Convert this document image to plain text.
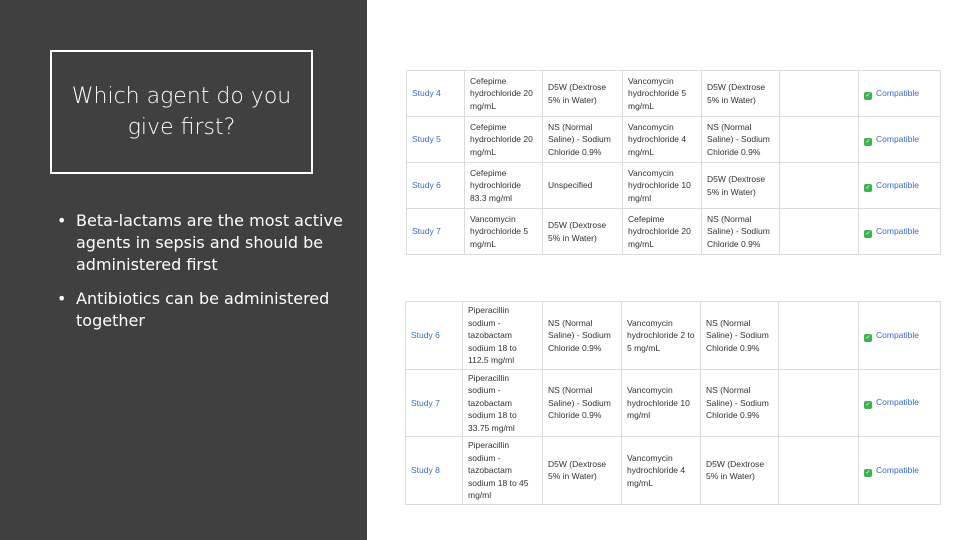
Which agent do you give first?
• Beta-lactams are the most active agents in sepsis and should be administered first
• Antibiotics can be administered together
Study 4	Cefepime hydrochloride 20 mg/mL	D5W (Dextrose 5% in Water)	Vancomycin hydrochloride 5 mg/mL	D5W (Dextrose 5% in Water)		✓ Compatible
Study 5	Cefepime hydrochloride 20 mg/mL	NS (Normal Saline) - Sodium Chloride 0.9%	Vancomycin hydrochloride 4 mg/mL	NS (Normal Saline) - Sodium Chloride 0.9%		✓ Compatible
Study 6	Cefepime hydrochloride 83.3 mg/ml	Unspecified	Vancomycin hydrochloride 10 mg/ml	D5W (Dextrose 5% in Water)		✓ Compatible
Study 7	Vancomycin hydrochloride 5 mg/mL	D5W (Dextrose 5% in Water)	Cefepime hydrochloride 20 mg/mL	NS (Normal Saline) - Sodium Chloride 0.9%		✓ Compatible
Study 6	Piperacillin sodium -tazobactam sodium 18 to 112.5 mg/ml	NS (Normal Saline) - Sodium Chloride 0.9%	Vancomycin hydrochloride 2 to 5 mg/mL	NS (Normal Saline) - Sodium Chloride 0.9%		✓ Compatible
Study 7	Piperacillin sodium -tazobactam sodium 18 to 33.75 mg/ml	NS (Normal Saline) - Sodium Chloride 0.9%	Vancomycin hydrochloride 10 mg/ml	NS (Normal Saline) - Sodium Chloride 0.9%		✓ Compatible
Study 8	Piperacillin sodium -tazobactam sodium 18 to 45 mg/ml	D5W (Dextrose 5% in Water)	Vancomycin hydrochloride 4 mg/mL	D5W (Dextrose 5% in Water)		✓ Compatible
